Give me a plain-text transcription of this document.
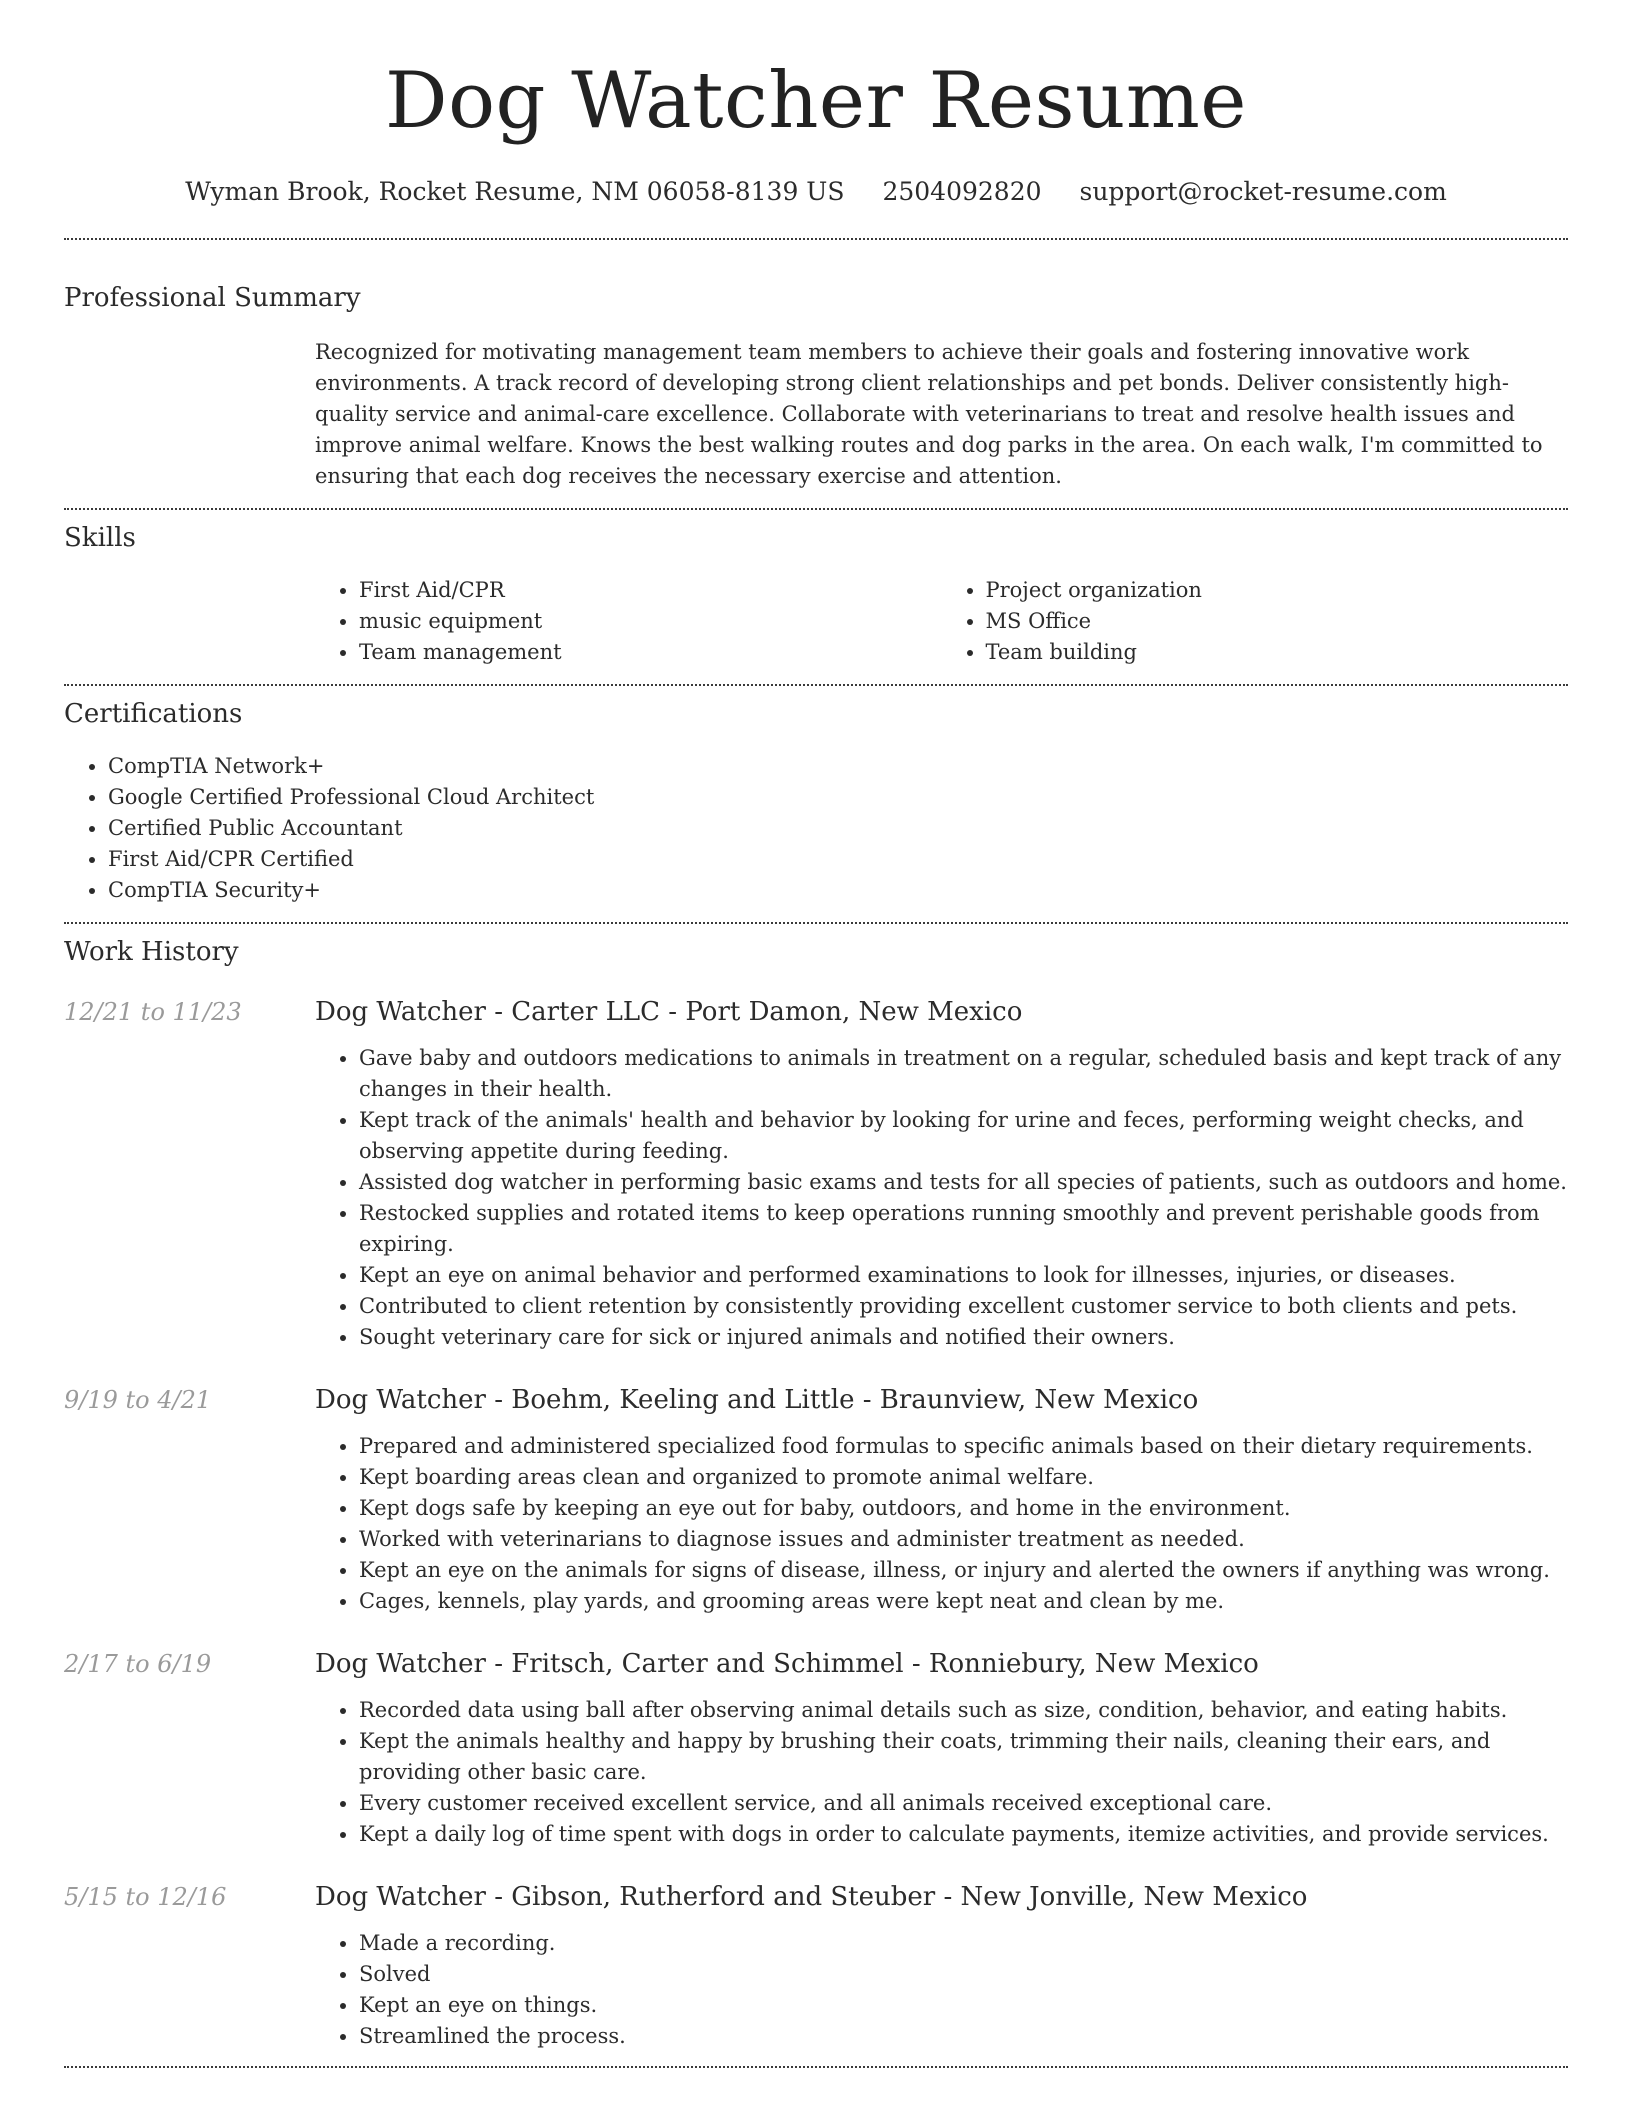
Dog Watcher Resume
Wyman Brook, Rocket Resume, NM 06058-8139 US 2504092820 support@rocket-resume.com
Professional Summary
Recognized for motivating management team members to achieve their goals and fostering innovative work environments. A track record of developing strong client relationships and pet bonds. Deliver consistently high-quality service and animal-care excellence. Collaborate with veterinarians to treat and resolve health issues and improve animal welfare. Knows the best walking routes and dog parks in the area. On each walk, I'm committed to ensuring that each dog receives the necessary exercise and attention.
Skills
• First Aid/CPR
• music equipment
• Team management
• Project organization
• MS Office
• Team building
Certifications
• CompTIA Network+
• Google Certified Professional Cloud Architect
• Certified Public Accountant
• First Aid/CPR Certified
• CompTIA Security+
Work History
12/21 to 11/23	Dog Watcher - Carter LLC - Port Damon, New Mexico
• Gave baby and outdoors medications to animals in treatment on a regular, scheduled basis and kept track of any changes in their health.
• Kept track of the animals' health and behavior by looking for urine and feces, performing weight checks, and observing appetite during feeding.
• Assisted dog watcher in performing basic exams and tests for all species of patients, such as outdoors and home.
• Restocked supplies and rotated items to keep operations running smoothly and prevent perishable goods from expiring.
• Kept an eye on animal behavior and performed examinations to look for illnesses, injuries, or diseases.
• Contributed to client retention by consistently providing excellent customer service to both clients and pets.
• Sought veterinary care for sick or injured animals and notified their owners.
9/19 to 4/21	Dog Watcher - Boehm, Keeling and Little - Braunview, New Mexico
• Prepared and administered specialized food formulas to specific animals based on their dietary requirements.
• Kept boarding areas clean and organized to promote animal welfare.
• Kept dogs safe by keeping an eye out for baby, outdoors, and home in the environment.
• Worked with veterinarians to diagnose issues and administer treatment as needed.
• Kept an eye on the animals for signs of disease, illness, or injury and alerted the owners if anything was wrong.
• Cages, kennels, play yards, and grooming areas were kept neat and clean by me.
2/17 to 6/19	Dog Watcher - Fritsch, Carter and Schimmel - Ronniebury, New Mexico
• Recorded data using ball after observing animal details such as size, condition, behavior, and eating habits.
• Kept the animals healthy and happy by brushing their coats, trimming their nails, cleaning their ears, and providing other basic care.
• Every customer received excellent service, and all animals received exceptional care.
• Kept a daily log of time spent with dogs in order to calculate payments, itemize activities, and provide services.
5/15 to 12/16	Dog Watcher - Gibson, Rutherford and Steuber - New Jonville, New Mexico
• Made a recording.
• Solved
• Kept an eye on things.
• Streamlined the process.
